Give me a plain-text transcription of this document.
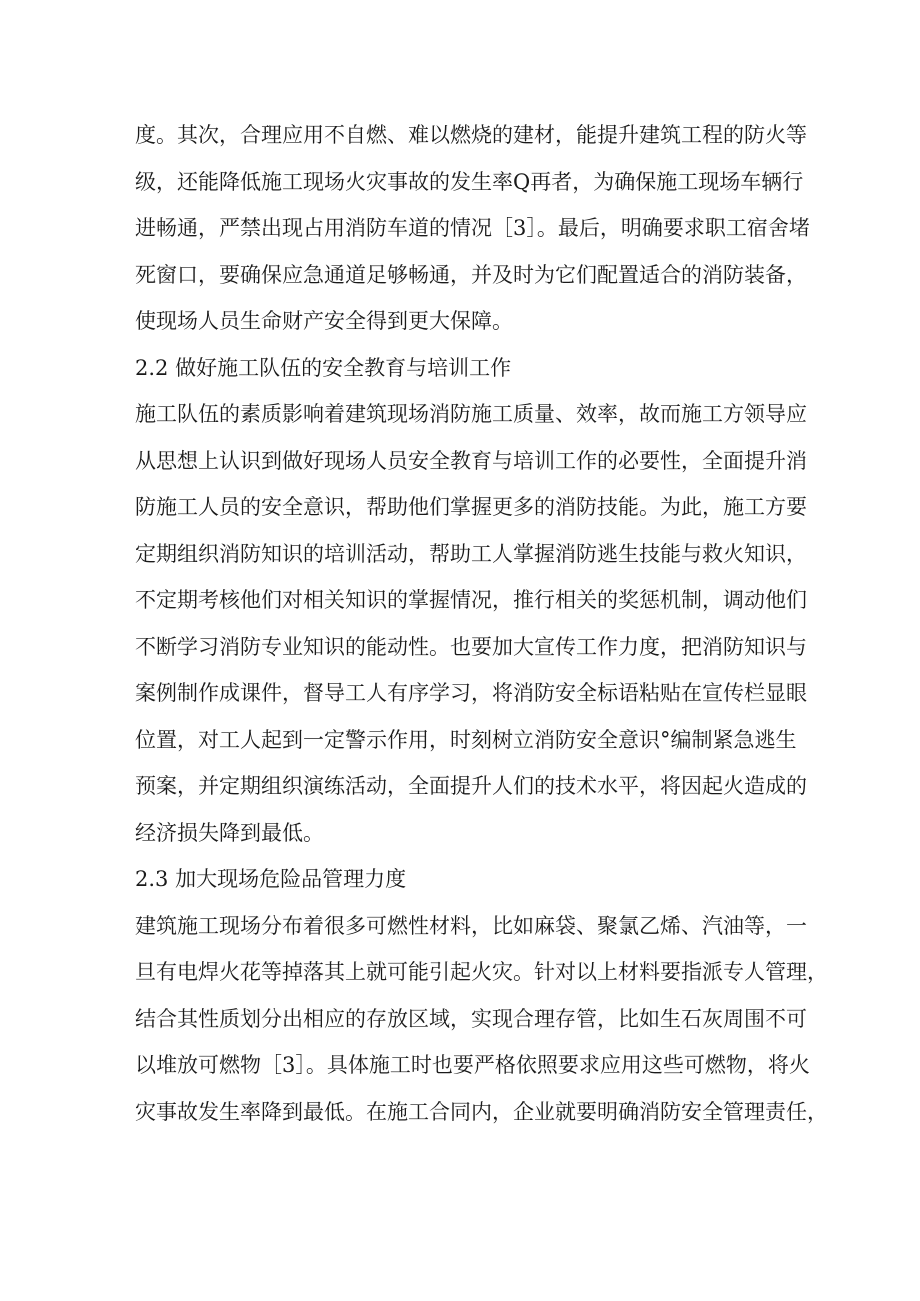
度。其次，合理应用不自燃、难以燃烧的建材，能提升建筑工程的防火等
级，还能降低施工现场火灾事故的发生率Q再者，为确保施工现场车辆行
进畅通，严禁出现占用消防车道的情况［3］。最后，明确要求职工宿舍堵
死窗口，要确保应急通道足够畅通，并及时为它们配置适合的消防装备，
使现场人员生命财产安全得到更大保障。

2.2 做好施工队伍的安全教育与培训工作

施工队伍的素质影响着建筑现场消防施工质量、效率，故而施工方领导应
从思想上认识到做好现场人员安全教育与培训工作的必要性，全面提升消
防施工人员的安全意识，帮助他们掌握更多的消防技能。为此，施工方要
定期组织消防知识的培训活动，帮助工人掌握消防逃生技能与救火知识，
不定期考核他们对相关知识的掌握情况，推行相关的奖惩机制，调动他们
不断学习消防专业知识的能动性。也要加大宣传工作力度，把消防知识与
案例制作成课件，督导工人有序学习，将消防安全标语粘贴在宣传栏显眼
位置，对工人起到一定警示作用，时刻树立消防安全意识°编制紧急逃生
预案，并定期组织演练活动，全面提升人们的技术水平，将因起火造成的
经济损失降到最低。

2.3 加大现场危险品管理力度

建筑施工现场分布着很多可燃性材料，比如麻袋、聚氯乙烯、汽油等，一
旦有电焊火花等掉落其上就可能引起火灾。针对以上材料要指派专人管理，
结合其性质划分出相应的存放区域，实现合理存管，比如生石灰周围不可
以堆放可燃物［3］。具体施工时也要严格依照要求应用这些可燃物，将火
灾事故发生率降到最低。在施工合同内，企业就要明确消防安全管理责任，
